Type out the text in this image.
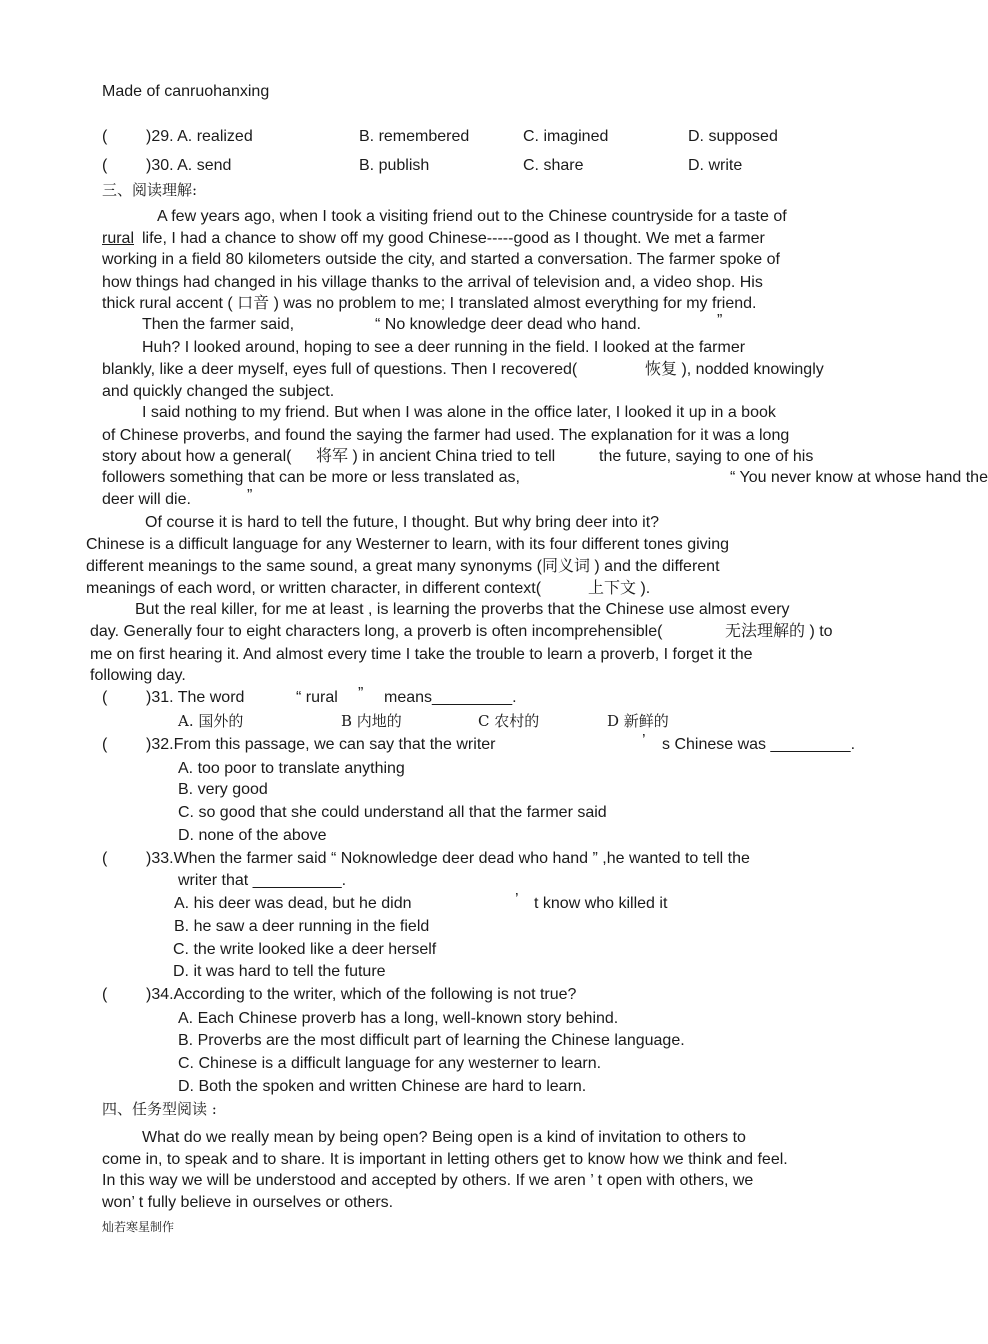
Made of canruohanxing
( )29. A. realized	B. remembered	C. imagined	D. supposed
( )30. A. send	B. publish	C. share	D. write
三、阅读理解:
A few years ago, when I took a visiting friend out to the Chinese countryside for a taste of
rural life, I had a chance to show off my good Chinese-----good as I thought. We met a farmer
working in a field 80 kilometers outside the city, and started a conversation. The farmer spoke of
how things had changed in his village thanks to the arrival of television and, a video shop. His
thick rural accent ( 口音 ) was no problem to me; I translated almost everything for my friend.
Then the farmer said,	“ No knowledge deer dead who hand.	”
Huh? I looked around, hoping to see a deer running in the field. I looked at the farmer
blankly, like a deer myself, eyes full of questions. Then I recovered(	恢复 ), nodded knowingly
and quickly changed the subject.
I said nothing to my friend. But when I was alone in the office later, I looked it up in a book
of Chinese proverbs, and found the saying the farmer had used. The explanation for it was a long
story about how a general( 将军 ) in ancient China tried to tell	the future, saying to one of his
followers something that can be more or less translated as,	“ You never know at whose hand the
deer will die.	”
Of course it is hard to tell the future, I thought. But why bring deer into it?
Chinese is a difficult language for any Westerner to learn, with its four different tones giving
different meanings to the same sound, a great many synonyms (同义词 ) and the different
meanings of each word, or written character, in different context(	上下文 ).
But the real killer, for me at least , is learning the proverbs that the Chinese use almost every
day. Generally four to eight characters long, a proverb is often incomprehensible(	无法理解的 ) to
me on first hearing it. And almost every time I take the trouble to learn a proverb, I forget it the
following day.
( )31. The word	“ rural ” means_________.
A. 国外的	B 内地的	C 农村的	D 新鲜的
( )32.From this passage, we can say that the writer	’ s Chinese was _________.
A. too poor to translate anything
B. very good
C. so good that she could understand all that the farmer said
D. none of the above
( )33.When the farmer said “ Noknowledge deer dead who hand ” ,he wanted to tell the
writer that __________.
A. his deer was dead, but he didn	’ t know who killed it
B. he saw a deer running in the field
C. the write looked like a deer herself
D. it was hard to tell the future
( )34.According to the writer, which of the following is not true?
A. Each Chinese proverb has a long, well-known story behind.
B. Proverbs are the most difficult part of learning the Chinese language.
C. Chinese is a difficult language for any westerner to learn.
D. Both the spoken and written Chinese are hard to learn.
四、任务型阅读 :
What do we really mean by being open? Being open is a kind of invitation to others to
come in, to speak and to share. It is important in letting others get to know how we think and feel.
In this way we will be understood and accepted by others. If we aren ’ t open with others, we
won’ t fully believe in ourselves or others.
灿若寒星制作
